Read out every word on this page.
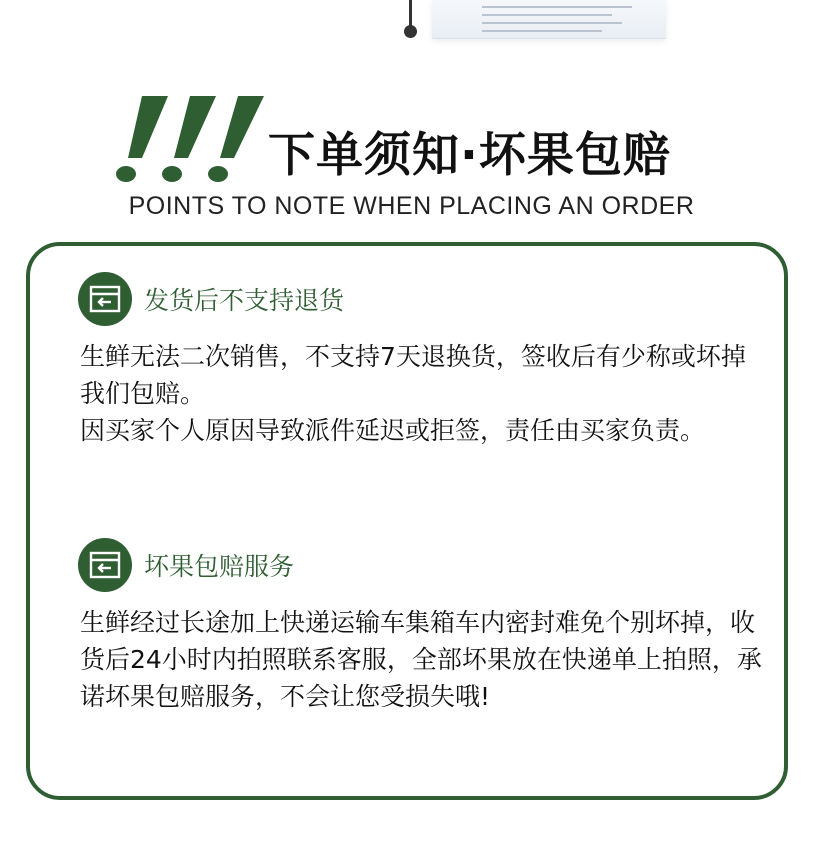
下单须知·坏果包赔

POINTS TO NOTE WHEN PLACING AN ORDER

发货后不支持退货

生鲜无法二次销售，不支持7天退换货，签收后有少称或坏掉我们包赔。

因买家个人原因导致派件延迟或拒签，责任由买家负责。

坏果包赔服务

生鲜经过长途加上快递运输车集箱车内密封难免个别坏掉，收货后24小时内拍照联系客服，全部坏果放在快递单上拍照，承诺坏果包赔服务，不会让您受损失哦!
